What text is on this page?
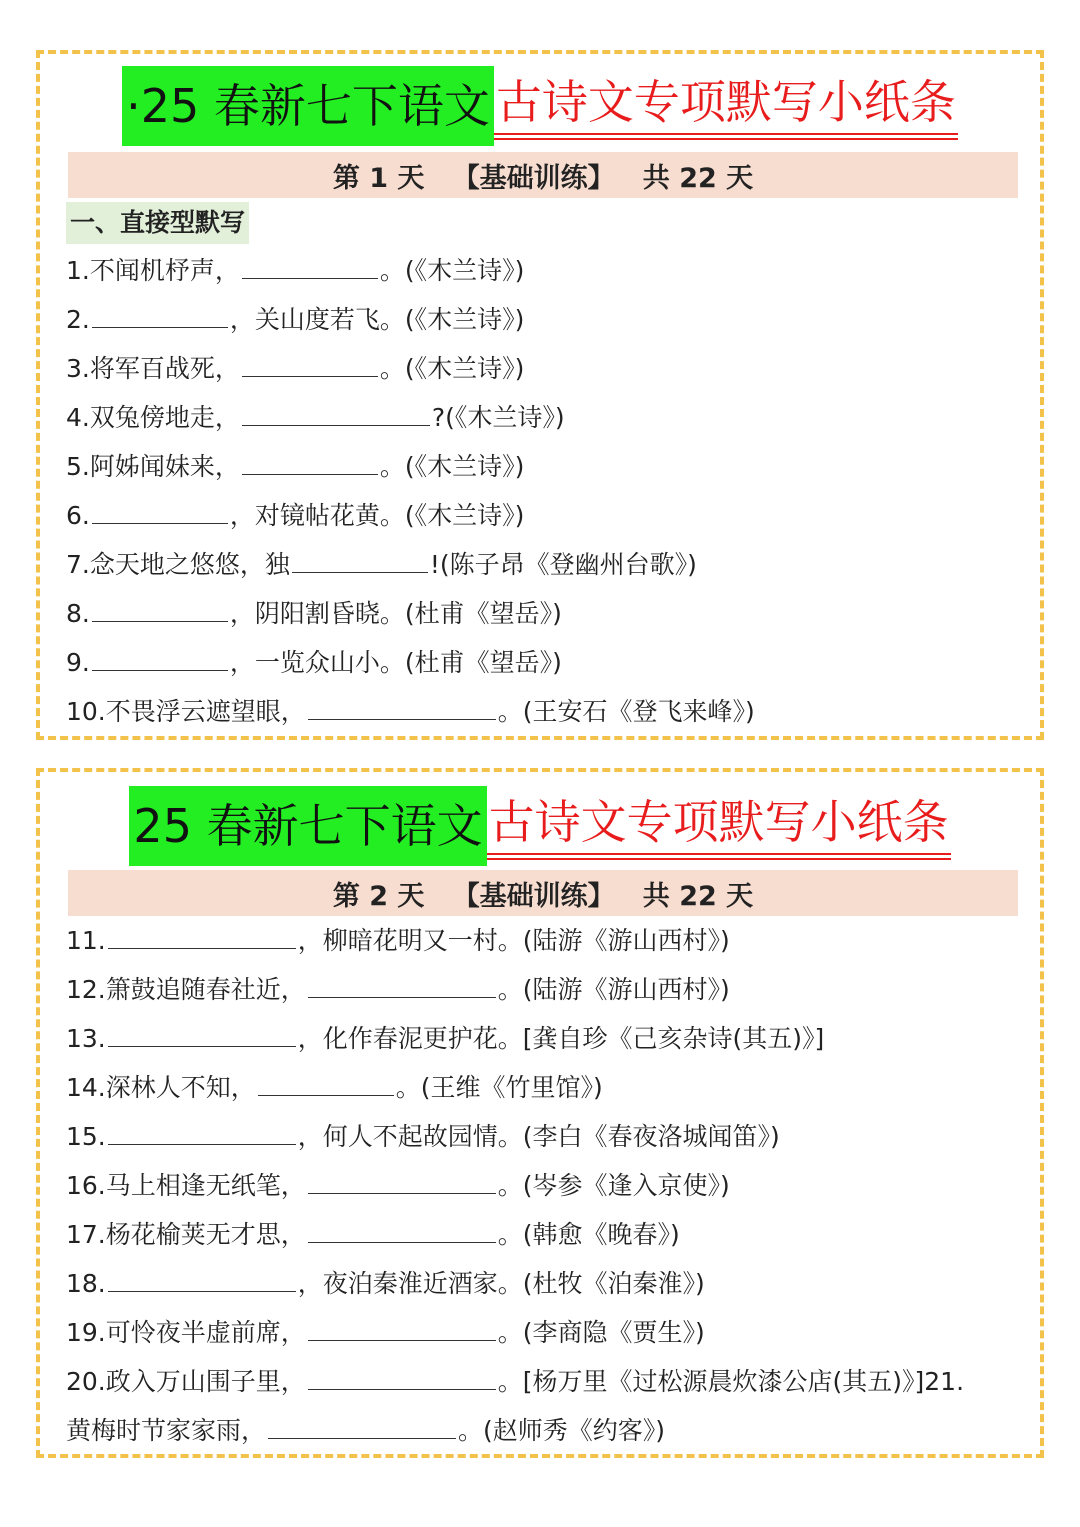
·25 春新七下语文 古诗文专项默写小纸条
第 1 天   【基础训练】   共 22 天
一、直接型默写
1.不闻机杼声，	。(《木兰诗》)
2.	，关山度若飞。(《木兰诗》)
3.将军百战死，	。(《木兰诗》)
4.双兔傍地走，	?(《木兰诗》)
5.阿姊闻妹来，	。(《木兰诗》)
6.	，对镜帖花黄。(《木兰诗》)
7.念天地之悠悠，独	!(陈子昂《登幽州台歌》)
8.	，阴阳割昏晓。(杜甫《望岳》)
9.	，一览众山小。(杜甫《望岳》)
10.不畏浮云遮望眼，	。(王安石《登飞来峰》)
25 春新七下语文 古诗文专项默写小纸条
第 2 天   【基础训练】   共 22 天
11.	，柳暗花明又一村。(陆游《游山西村》)
12.箫鼓追随春社近，	。(陆游《游山西村》)
13.	，化作春泥更护花。[龚自珍《己亥杂诗(其五)》]
14.深林人不知，	。(王维《竹里馆》)
15.	，何人不起故园情。(李白《春夜洛城闻笛》)
16.马上相逢无纸笔，	。(岑参《逢入京使》)
17.杨花榆荚无才思，	。(韩愈《晚春》)
18.	，夜泊秦淮近酒家。(杜牧《泊秦淮》)
19.可怜夜半虚前席，	。(李商隐《贾生》)
20.政入万山围子里，	。[杨万里《过松源晨炊漆公店(其五)》]21.
黄梅时节家家雨，	。(赵师秀《约客》)
